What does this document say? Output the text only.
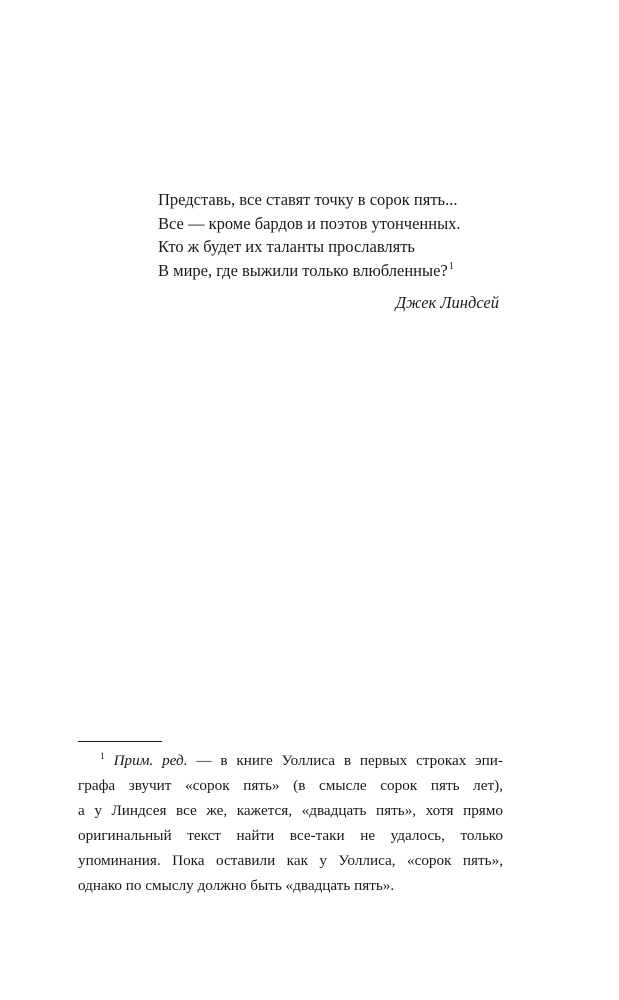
Представь, все ставят точку в сорок пять...
Все — кроме бардов и поэтов утонченных.
Кто ж будет их таланты прославлять
В мире, где выжили только влюбленные?$^1$
Джек Линдсей
$^1$ Прим. ред. — в книге Уоллиса в первых строках эпи-
графа звучит «сорок пять» (в смысле сорок пять лет),
а у Линдсея все же, кажется, «двадцать пять», хотя прямо
оригинальный текст найти все-таки не удалось, только
упоминания. Пока оставили как у Уоллиса, «сорок пять»,
однако по смыслу должно быть «двадцать пять».
